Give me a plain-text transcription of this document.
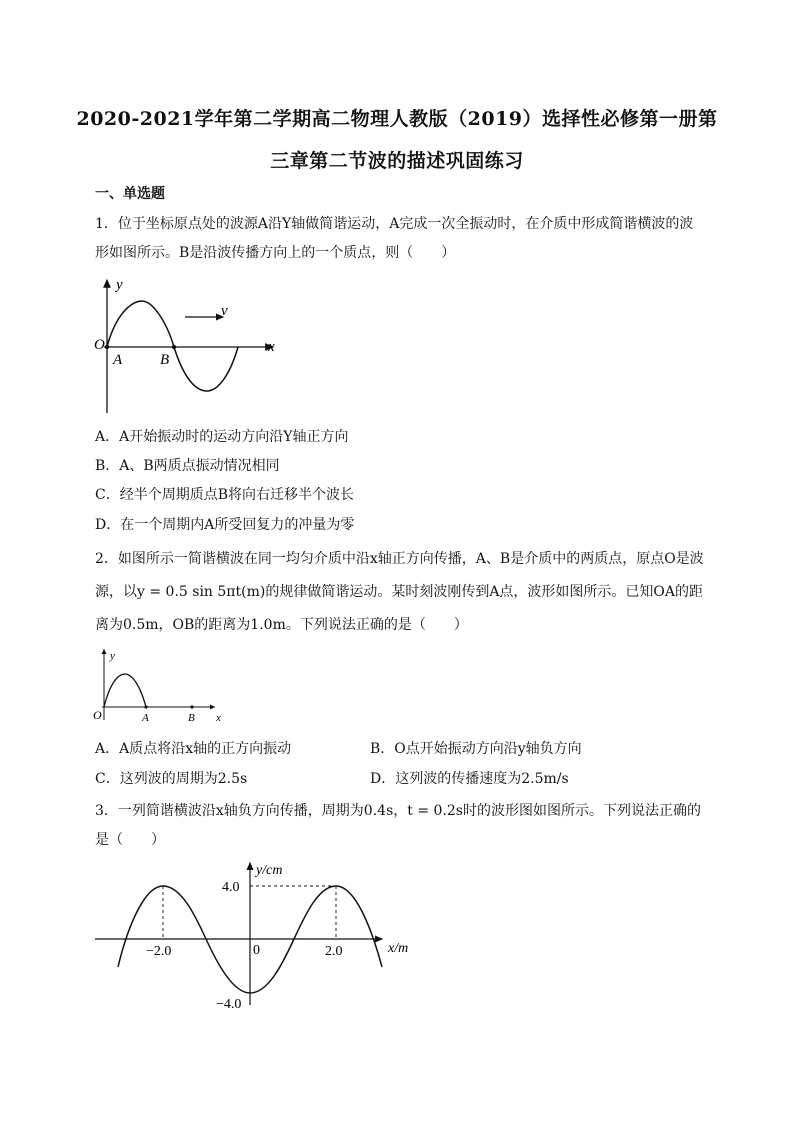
2020-2021学年第二学期高二物理人教版（2019）选择性必修第一册第
三章第二节波的描述巩固练习
一、单选题
1．位于坐标原点处的波源A沿Y轴做简谐运动，A完成一次全振动时，在介质中形成简谐横波的波形如图所示。B是沿波传播方向上的一个质点，则（　　）
y
x
O
A	B
v
A．A开始振动时的运动方向沿Y轴正方向
B．A、B两质点振动情况相同
C．经半个周期质点B将向右迁移半个波长
D．在一个周期内A所受回复力的冲量为零
2．如图所示一简谐横波在同一均匀介质中沿x轴正方向传播，A、B是介质中的两质点，原点O是波源，以y = 0.5 sin 5πt(m)的规律做简谐运动。某时刻波刚传到A点，波形如图所示。已知OA的距离为0.5m，OB的距离为1.0m。下列说法正确的是（　　）
y
x
O	A	B
A．A质点将沿x轴的正方向振动	B．O点开始振动方向沿y轴负方向
C．这列波的周期为2.5s	D．这列波的传播速度为2.5m/s
3．一列简谐横波沿x轴负方向传播，周期为0.4s，t = 0.2s时的波形图如图所示。下列说法正确的是（　　）
y/cm
x/m
4.0
−4.0
0
−2.0	2.0
